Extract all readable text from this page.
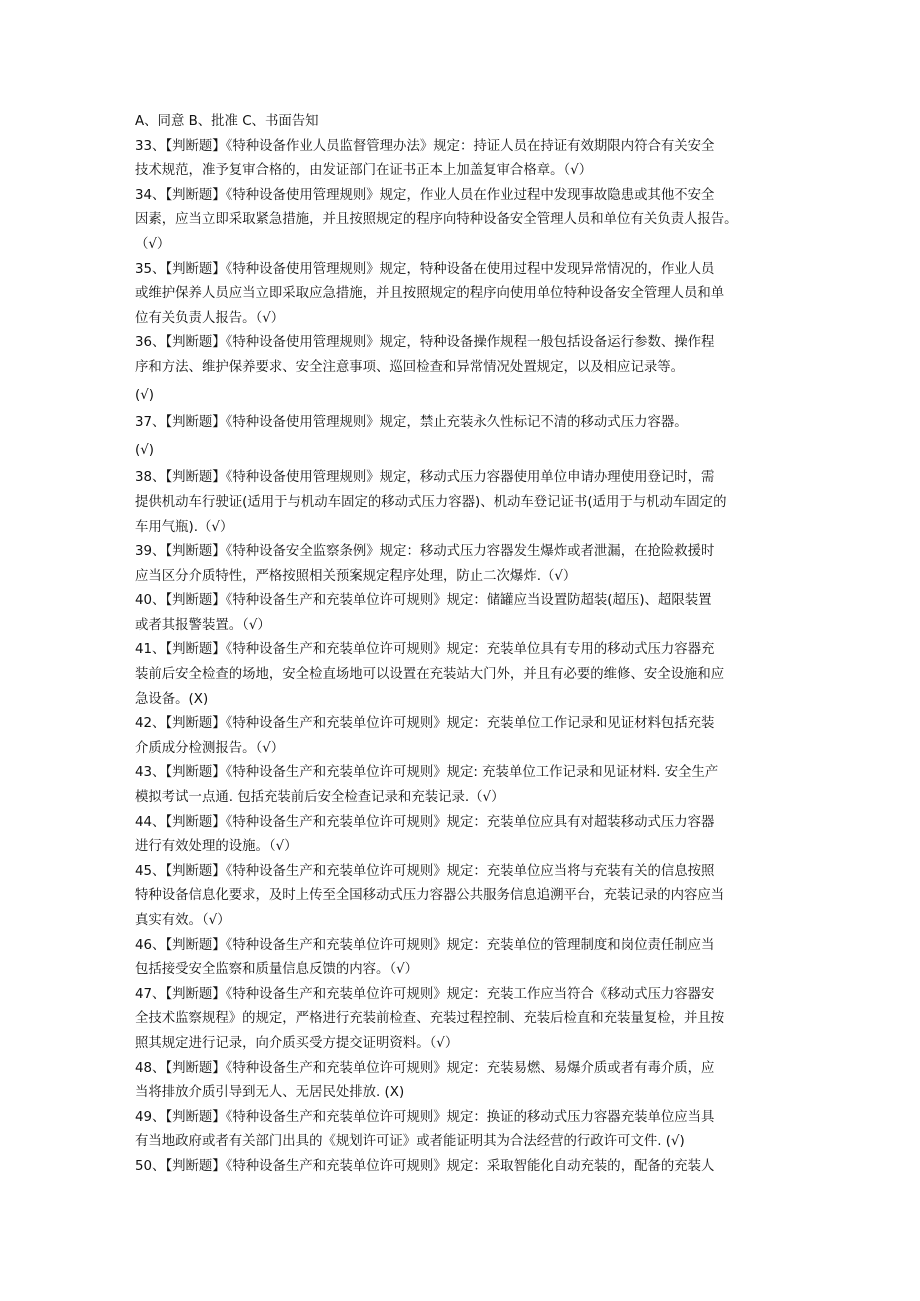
A、同意 B、批准 C、书面告知
33、【判断题】《特种设备作业人员监督管理办法》规定：持证人员在持证有效期限内符合有关安全
技术规范，准予复审合格的，由发证部门在证书正本上加盖复审合格章。（√）
34、【判断题】《特种设备使用管理规则》规定，作业人员在作业过程中发现事故隐患或其他不安全
因素，应当立即采取紧急措施，并且按照规定的程序向特种设备安全管理人员和单位有关负责人报告。
（√）
35、【判断题】《特种设备使用管理规则》规定，特种设备在使用过程中发现异常情况的，作业人员
或维护保养人员应当立即采取应急措施，并且按照规定的程序向使用单位特种设备安全管理人员和单
位有关负责人报告。（√）
36、【判断题】《特种设备使用管理规则》规定，特种设备操作规程一般包括设备运行参数、操作程
序和方法、维护保养要求、安全注意事项、巡回检查和异常情况处置规定，以及相应记录等。
(√)
37、【判断题】《特种设备使用管理规则》规定，禁止充装永久性标记不清的移动式压力容器。
(√)
38、【判断题】《特种设备使用管理规则》规定，移动式压力容器使用单位申请办理使用登记时，需
提供机动车行驶证(适用于与机动车固定的移动式压力容器)、机动车登记证书(适用于与机动车固定的
车用气瓶).（√）
39、【判断题】《特种设备安全监察条例》规定：移动式压力容器发生爆炸或者泄漏，在抢险救援时
应当区分介质特性，严格按照相关预案规定程序处理，防止二次爆炸.（√）
40、【判断题】《特种设备生产和充装单位许可规则》规定：储罐应当设置防超装(超压)、超限装置
或者其报警装置。（√）
41、【判断题】《特种设备生产和充装单位许可规则》规定：充装单位具有专用的移动式压力容器充
装前后安全检查的场地，安全检直场地可以设置在充装站大门外，并且有必要的维修、安全设施和应
急设备。(X)
42、【判断题】《特种设备生产和充装单位许可规则》规定：充装单位工作记录和见证材料包括充装
介质成分检测报告。（√）
43、【判断题】《特种设备生产和充装单位许可规则》规定: 充装单位工作记录和见证材料. 安全生产
模拟考试一点通. 包括充装前后安全检查记录和充装记录.（√）
44、【判断题】《特种设备生产和充装单位许可规则》规定：充装单位应具有对超装移动式压力容器
进行有效处理的设施。（√）
45、【判断题】《特种设备生产和充装单位许可规则》规定：充装单位应当将与充装有关的信息按照
特种设备信息化要求，及时上传至全国移动式压力容器公共服务信息追溯平台，充装记录的内容应当
真实有效。（√）
46、【判断题】《特种设备生产和充装单位许可规则》规定：充装单位的管理制度和岗位责任制应当
包括接受安全监察和质量信息反馈的内容。（√）
47、【判断题】《特种设备生产和充装单位许可规则》规定：充装工作应当符合《移动式压力容器安
全技术监察规程》的规定，严格进行充装前检查、充装过程控制、充装后检直和充装量复检，并且按
照其规定进行记录，向介质买受方提交证明资料。（√）
48、【判断题】《特种设备生产和充装单位许可规则》规定：充装易燃、易爆介质或者有毒介质，应
当将排放介质引导到无人、无居民处排放. (X)
49、【判断题】《特种设备生产和充装单位许可规则》规定：换证的移动式压力容器充装单位应当具
有当地政府或者有关部门出具的《规划许可证》或者能证明其为合法经营的行政许可文件. (√)
50、【判断题】《特种设备生产和充装单位许可规则》规定：采取智能化自动充装的，配备的充装人
